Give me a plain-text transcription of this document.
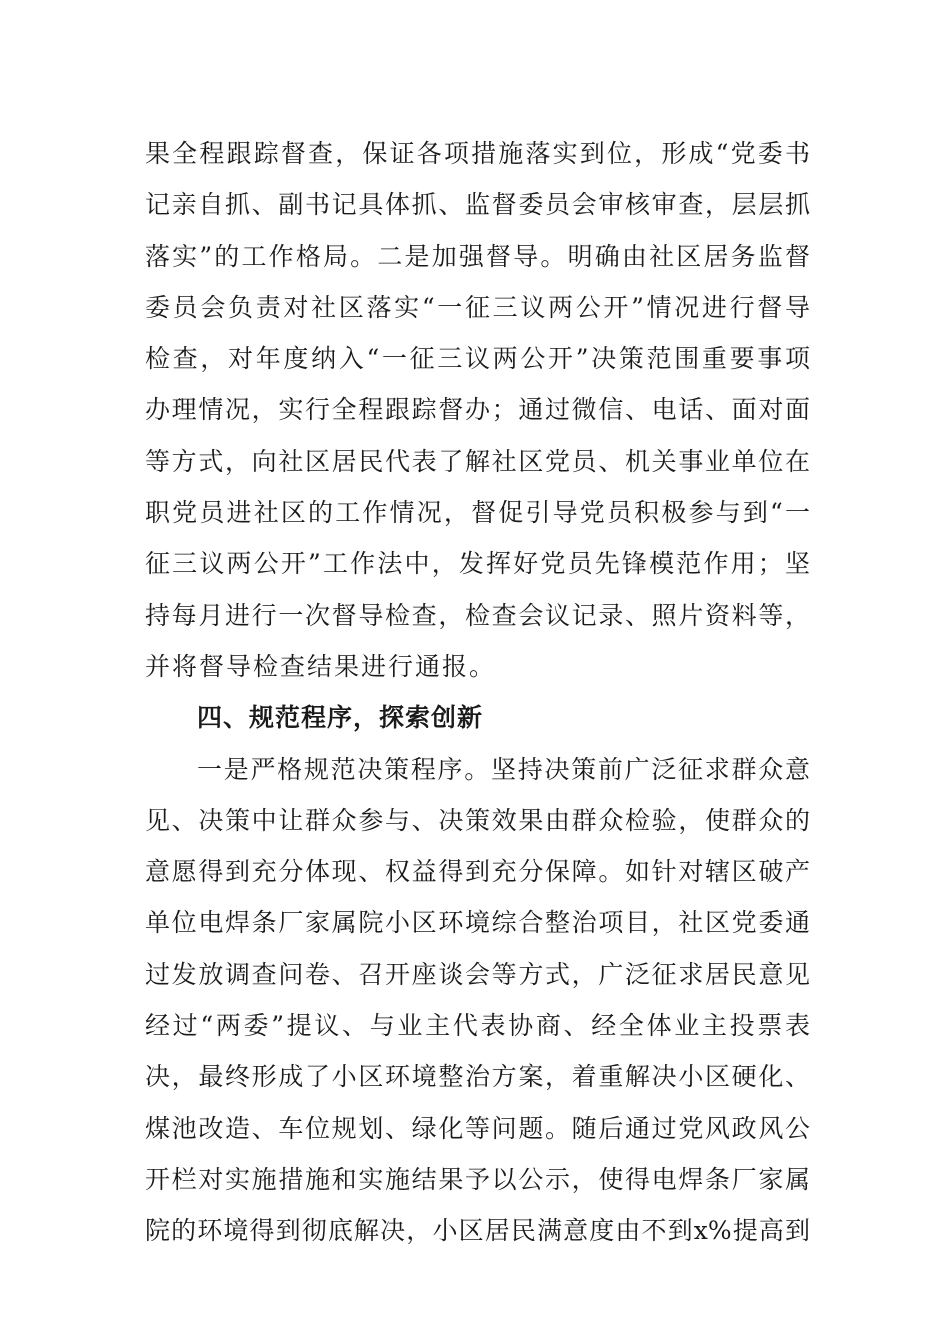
果全程跟踪督查，保证各项措施落实到位，形成“党委书
记亲自抓、副书记具体抓、监督委员会审核审查，层层抓
落实”的工作格局。二是加强督导。明确由社区居务监督
委员会负责对社区落实“一征三议两公开”情况进行督导
检查，对年度纳入“一征三议两公开”决策范围重要事项
办理情况，实行全程跟踪督办；通过微信、电话、面对面
等方式，向社区居民代表了解社区党员、机关事业单位在
职党员进社区的工作情况，督促引导党员积极参与到“一
征三议两公开”工作法中，发挥好党员先锋模范作用；坚
持每月进行一次督导检查，检查会议记录、照片资料等，
并将督导检查结果进行通报。
四、规范程序，探索创新
一是严格规范决策程序。坚持决策前广泛征求群众意
见、决策中让群众参与、决策效果由群众检验，使群众的
意愿得到充分体现、权益得到充分保障。如针对辖区破产
单位电焊条厂家属院小区环境综合整治项目，社区党委通
过发放调查问卷、召开座谈会等方式，广泛征求居民意见
经过“两委”提议、与业主代表协商、经全体业主投票表
决，最终形成了小区环境整治方案，着重解决小区硬化、
煤池改造、车位规划、绿化等问题。随后通过党风政风公
开栏对实施措施和实施结果予以公示，使得电焊条厂家属
院的环境得到彻底解决，小区居民满意度由不到x%提高到
